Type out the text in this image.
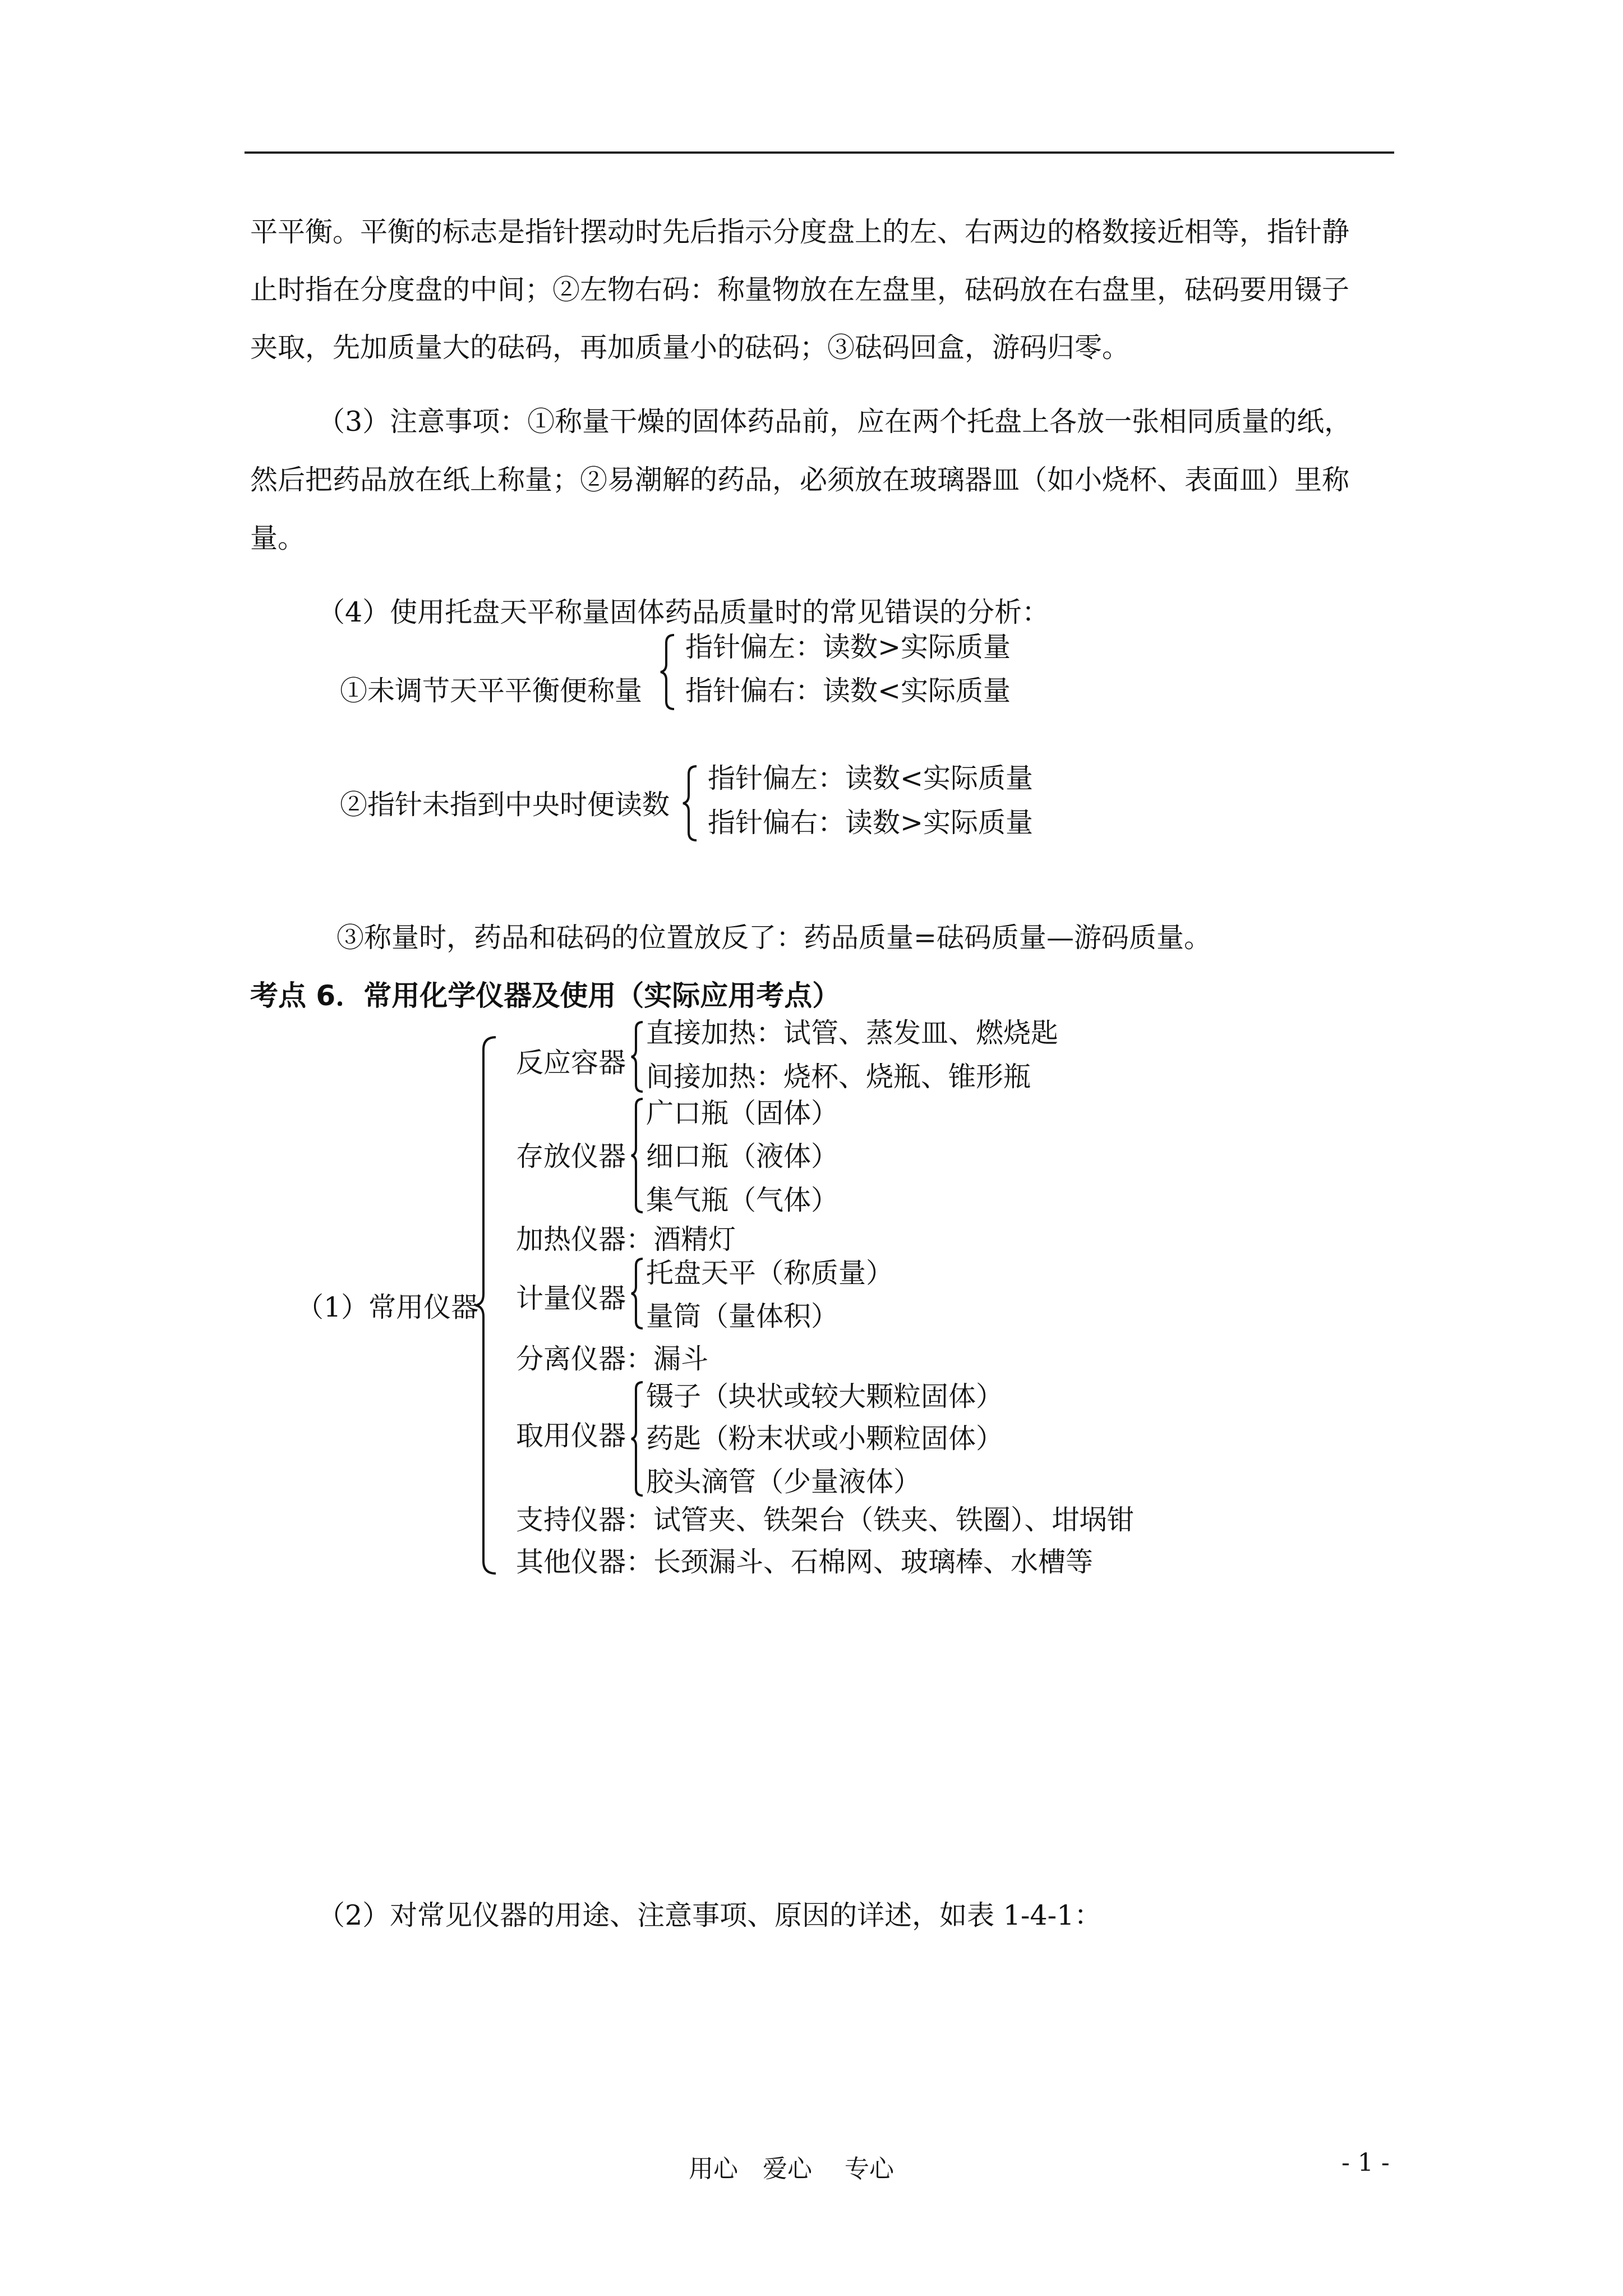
平平衡。平衡的标志是指针摆动时先后指示分度盘上的左、右两边的格数接近相等，指针静
止时指在分度盘的中间；②左物右码：称量物放在左盘里，砝码放在右盘里，砝码要用镊子
夹取，先加质量大的砝码，再加质量小的砝码；③砝码回盒，游码归零。
（3）注意事项：①称量干燥的固体药品前，应在两个托盘上各放一张相同质量的纸，
然后把药品放在纸上称量；②易潮解的药品，必须放在玻璃器皿（如小烧杯、表面皿）里称
量。
（4）使用托盘天平称量固体药品质量时的常见错误的分析：
①未调节天平平衡便称量
指针偏左：读数>实际质量
指针偏右：读数<实际质量
②指针未指到中央时便读数
指针偏左：读数<实际质量
指针偏右：读数>实际质量
③称量时，药品和砝码的位置放反了：药品质量=砝码质量—游码质量。
考点 6．常用化学仪器及使用（实际应用考点）
（1）常用仪器
反应容器
直接加热：试管、蒸发皿、燃烧匙
间接加热：烧杯、烧瓶、锥形瓶
存放仪器
广口瓶（固体）
细口瓶（液体）
集气瓶（气体）
加热仪器：酒精灯
计量仪器
托盘天平（称质量）
量筒（量体积）
分离仪器：漏斗
取用仪器
镊子（块状或较大颗粒固体）
药匙（粉末状或小颗粒固体）
胶头滴管（少量液体）
支持仪器：试管夹、铁架台（铁夹、铁圈）、坩埚钳
其他仪器：长颈漏斗、石棉网、玻璃棒、水槽等
（2）对常见仪器的用途、注意事项、原因的详述，如表 1-4-1：
用心　爱心　 专心	- 1 -
